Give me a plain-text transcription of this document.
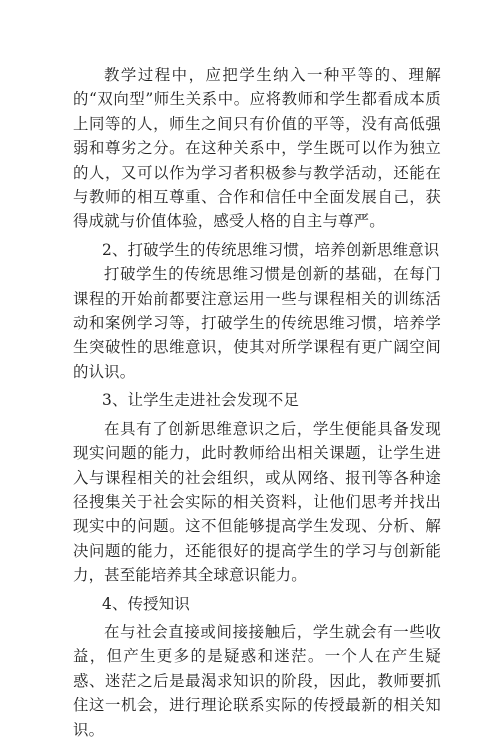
教学过程中，应把学生纳入一种平等的、理解的“双向型”师生关系中。应将教师和学生都看成本质上同等的人，师生之间只有价值的平等，没有高低强弱和尊劣之分。在这种关系中，学生既可以作为独立的人，又可以作为学习者积极参与教学活动，还能在与教师的相互尊重、合作和信任中全面发展自己，获得成就与价值体验，感受人格的自主与尊严。

2、打破学生的传统思维习惯，培养创新思维意识

打破学生的传统思维习惯是创新的基础，在每门课程的开始前都要注意运用一些与课程相关的训练活动和案例学习等，打破学生的传统思维习惯，培养学生突破性的思维意识，使其对所学课程有更广阔空间的认识。

3、让学生走进社会发现不足

在具有了创新思维意识之后，学生便能具备发现现实问题的能力，此时教师给出相关课题，让学生进入与课程相关的社会组织，或从网络、报刊等各种途径搜集关于社会实际的相关资料，让他们思考并找出现实中的问题。这不但能够提高学生发现、分析、解决问题的能力，还能很好的提高学生的学习与创新能力，甚至能培养其全球意识能力。

4、传授知识

在与社会直接或间接接触后，学生就会有一些收益，但产生更多的是疑惑和迷茫。一个人在产生疑惑、迷茫之后是最渴求知识的阶段，因此，教师要抓住这一机会，进行理论联系实际的传授最新的相关知识。
